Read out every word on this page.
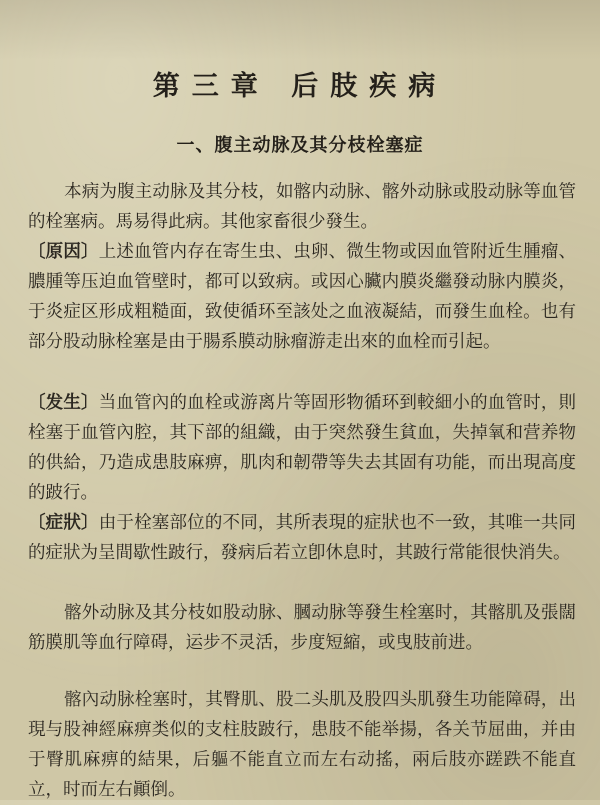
第三章 后肢疾病
一、腹主动脉及其分枝栓塞症

本病为腹主动脉及其分枝，如髂内动脉、髂外动脉或股动脉等血管的栓塞病。馬易得此病。其他家畜很少發生。

〔原因〕上述血管内存在寄生虫、虫卵、微生物或因血管附近生腫瘤、膿腫等压迫血管壁时，都可以致病。或因心臟内膜炎繼發动脉内膜炎，于炎症区形成粗糙面，致使循环至該处之血液凝結，而發生血栓。也有部分股动脉栓塞是由于腸系膜动脉瘤游走出來的血栓而引起。

〔发生〕当血管內的血栓或游离片等固形物循环到較細小的血管时，則栓塞于血管內腔，其下部的組織，由于突然發生貧血，失掉氧和营养物的供給，乃造成患肢麻痹，肌肉和韌帶等失去其固有功能，而出現高度的跛行。

〔症狀〕由于栓塞部位的不同，其所表現的症狀也不一致，其唯一共同的症狀为呈間歇性跛行，發病后若立卽休息时，其跛行常能很快消失。

髂外动脉及其分枝如股动脉、膕动脉等發生栓塞时，其髂肌及張闊筋膜肌等血行障碍，运步不灵活，步度短縮，或曳肢前进。

髂內动脉栓塞时，其臀肌、股二头肌及股四头肌發生功能障碍，出現与股神經麻痹类似的支柱肢跛行，患肢不能举揚，各关节屈曲，并由于臀肌麻痹的結果，后軀不能直立而左右动搖，兩后肢亦蹉跌不能直立，时而左右顚倒。
